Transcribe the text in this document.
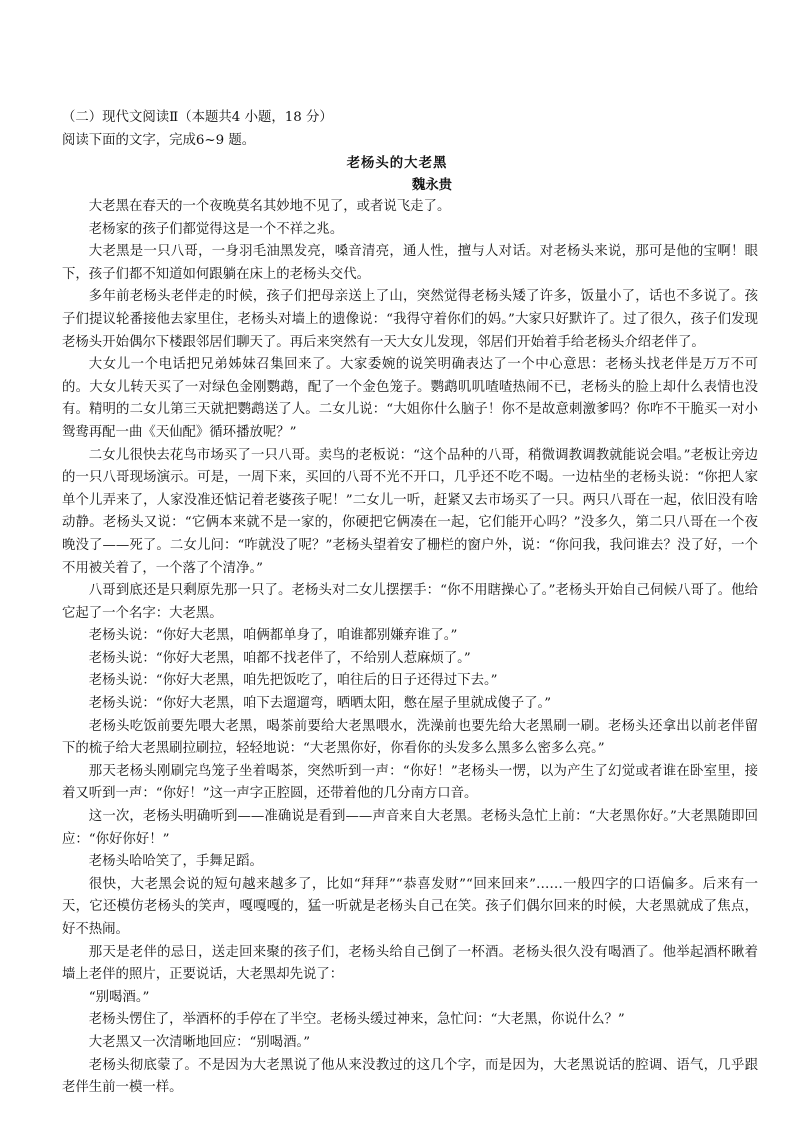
（二）现代文阅读Ⅱ（本题共4 小题，18 分）
阅读下面的文字，完成6~9 题。
老杨头的大老黑
魏永贵

大老黑在春天的一个夜晚莫名其妙地不见了，或者说飞走了。

老杨家的孩子们都觉得这是一个不祥之兆。

大老黑是一只八哥，一身羽毛油黑发亮，嗓音清亮，通人性，擅与人对话。对老杨头来说，那可是他的宝啊！眼下，孩子们都不知道如何跟躺在床上的老杨头交代。

多年前老杨头老伴走的时候，孩子们把母亲送上了山，突然觉得老杨头矮了许多，饭量小了，话也不多说了。孩子们提议轮番接他去家里住，老杨头对墙上的遗像说：“我得守着你们的妈。”大家只好默许了。过了很久，孩子们发现老杨头开始偶尔下楼跟邻居们聊天了。再后来突然有一天大女儿发现，邻居们开始着手给老杨头介绍老伴了。

大女儿一个电话把兄弟姊妹召集回来了。大家委婉的说笑明确表达了一个中心意思：老杨头找老伴是万万不可的。大女儿转天买了一对绿色金刚鹦鹉，配了一个金色笼子。鹦鹉叽叽喳喳热闹不已，老杨头的脸上却什么表情也没有。精明的二女儿第三天就把鹦鹉送了人。二女儿说：“大姐你什么脑子！你不是故意刺激爹吗？你咋不干脆买一对小鸳鸯再配一曲《天仙配》循环播放呢？”

二女儿很快去花鸟市场买了一只八哥。卖鸟的老板说：“这个品种的八哥，稍微调教调教就能说会唱。”老板让旁边的一只八哥现场演示。可是，一周下来，买回的八哥不光不开口，几乎还不吃不喝。一边枯坐的老杨头说：“你把人家单个儿弄来了，人家没准还惦记着老婆孩子呢！”二女儿一听，赶紧又去市场买了一只。两只八哥在一起，依旧没有啥动静。老杨头又说：“它俩本来就不是一家的，你硬把它俩凑在一起，它们能开心吗？”没多久，第二只八哥在一个夜晚没了——死了。二女儿问：“咋就没了呢？”老杨头望着安了栅栏的窗户外，说：“你问我，我问谁去？没了好，一个不用被关着了，一个落了个清净。”

八哥到底还是只剩原先那一只了。老杨头对二女儿摆摆手：“你不用瞎操心了。”老杨头开始自己伺候八哥了。他给它起了一个名字：大老黑。

老杨头说：“你好大老黑，咱俩都单身了，咱谁都别嫌弃谁了。”

老杨头说：“你好大老黑，咱都不找老伴了，不给别人惹麻烦了。”

老杨头说：“你好大老黑，咱先把饭吃了，咱往后的日子还得过下去。”

老杨头说：“你好大老黑，咱下去遛遛弯，晒晒太阳，憋在屋子里就成傻子了。”

老杨头吃饭前要先喂大老黑，喝茶前要给大老黑喂水，洗澡前也要先给大老黑刷一刷。老杨头还拿出以前老伴留下的梳子给大老黑刷拉刷拉，轻轻地说：“大老黑你好，你看你的头发多么黑多么密多么亮。”

那天老杨头刚刷完鸟笼子坐着喝茶，突然听到一声：“你好！”老杨头一愣，以为产生了幻觉或者谁在卧室里，接着又听到一声：“你好！”这一声字正腔圆，还带着他的几分南方口音。

这一次，老杨头明确听到——准确说是看到——声音来自大老黑。老杨头急忙上前：“大老黑你好。”大老黑随即回应：“你好你好！”

老杨头哈哈笑了，手舞足蹈。

很快，大老黑会说的短句越来越多了，比如“拜拜”“恭喜发财”“回来回来”……一般四字的口语偏多。后来有一天，它还模仿老杨头的笑声，嘎嘎嘎的，猛一听就是老杨头自己在笑。孩子们偶尔回来的时候，大老黑就成了焦点，好不热闹。

那天是老伴的忌日，送走回来聚的孩子们，老杨头给自己倒了一杯酒。老杨头很久没有喝酒了。他举起酒杯瞅着墙上老伴的照片，正要说话，大老黑却先说了：

“别喝酒。”

老杨头愣住了，举酒杯的手停在了半空。老杨头缓过神来，急忙问：“大老黑，你说什么？”

大老黑又一次清晰地回应：“别喝酒。”

老杨头彻底蒙了。不是因为大老黑说了他从来没教过的这几个字，而是因为，大老黑说话的腔调、语气，几乎跟老伴生前一模一样。
